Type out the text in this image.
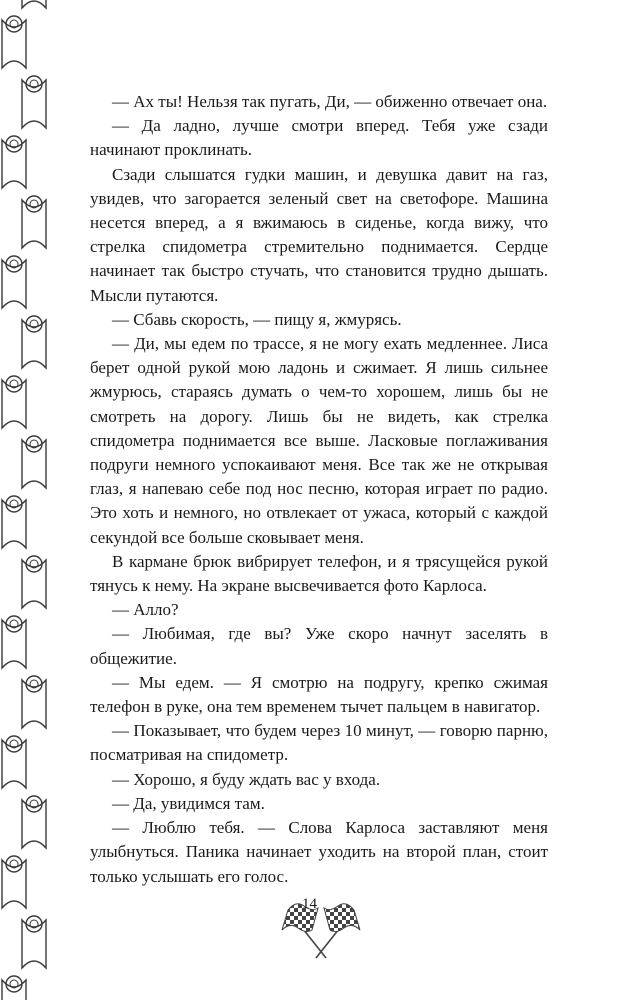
— Ах ты! Нельзя так пугать, Ди, — обиженно отвечает она.

— Да ладно, лучше смотри вперед. Тебя уже сзади начинают проклинать.

Сзади слышатся гудки машин, и девушка давит на газ, увидев, что загорается зеленый свет на светофоре. Машина несется вперед, а я вжимаюсь в сиденье, когда вижу, что стрелка спидометра стремительно поднимается. Сердце начинает так быстро стучать, что становится трудно дышать. Мысли путаются.

— Сбавь скорость, — пищу я, жмурясь.

— Ди, мы едем по трассе, я не могу ехать медленнее. Лиса берет одной рукой мою ладонь и сжимает. Я лишь сильнее жмурюсь, стараясь думать о чем-то хорошем, лишь бы не смотреть на дорогу. Лишь бы не видеть, как стрелка спидометра поднимается все выше. Ласковые поглаживания подруги немного успокаивают меня. Все так же не открывая глаз, я напеваю себе под нос песню, которая играет по радио. Это хоть и немного, но отвлекает от ужаса, который с каждой секундой все больше сковывает меня.

В кармане брюк вибрирует телефон, и я трясущейся рукой тянусь к нему. На экране высвечивается фото Карлоса.

— Алло?

— Любимая, где вы? Уже скоро начнут заселять в общежитие.

— Мы едем. — Я смотрю на подругу, крепко сжимая телефон в руке, она тем временем тычет пальцем в навигатор.

— Показывает, что будем через 10 минут, — говорю парню, посматривая на спидометр.

— Хорошо, я буду ждать вас у входа.

— Да, увидимся там.

— Люблю тебя. — Слова Карлоса заставляют меня улыбнуться. Паника начинает уходить на второй план, стоит только услышать его голос.

14
